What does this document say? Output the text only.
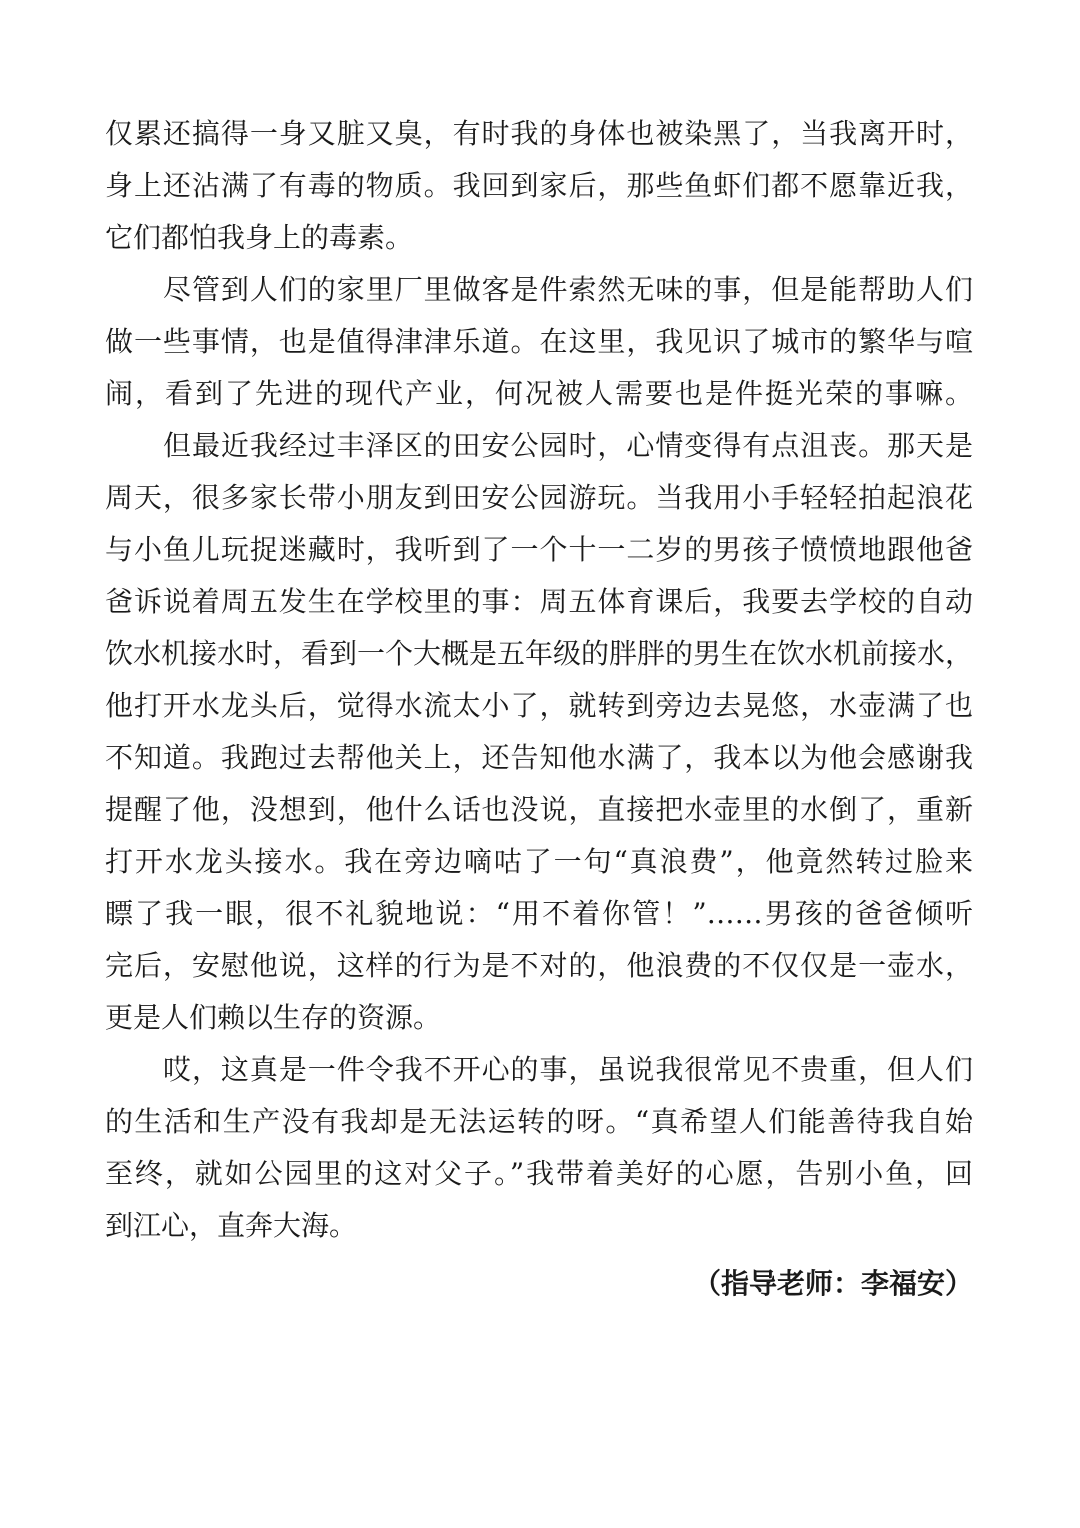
仅累还搞得一身又脏又臭，有时我的身体也被染黑了，当我离开时，
身上还沾满了有毒的物质。我回到家后，那些鱼虾们都不愿靠近我，
它们都怕我身上的毒素。
尽管到人们的家里厂里做客是件索然无味的事，但是能帮助人们
做一些事情，也是值得津津乐道。在这里，我见识了城市的繁华与喧
闹，看到了先进的现代产业，何况被人需要也是件挺光荣的事嘛。
但最近我经过丰泽区的田安公园时，心情变得有点沮丧。那天是
周天，很多家长带小朋友到田安公园游玩。当我用小手轻轻拍起浪花
与小鱼儿玩捉迷藏时，我听到了一个十一二岁的男孩子愤愤地跟他爸
爸诉说着周五发生在学校里的事：周五体育课后，我要去学校的自动
饮水机接水时，看到一个大概是五年级的胖胖的男生在饮水机前接水，
他打开水龙头后，觉得水流太小了，就转到旁边去晃悠，水壶满了也
不知道。我跑过去帮他关上，还告知他水满了，我本以为他会感谢我
提醒了他，没想到，他什么话也没说，直接把水壶里的水倒了，重新
打开水龙头接水。我在旁边嘀咕了一句“真浪费”，他竟然转过脸来
瞟了我一眼，很不礼貌地说：“用不着你管！”……男孩的爸爸倾听
完后，安慰他说，这样的行为是不对的，他浪费的不仅仅是一壶水，
更是人们赖以生存的资源。
哎，这真是一件令我不开心的事，虽说我很常见不贵重，但人们
的生活和生产没有我却是无法运转的呀。“真希望人们能善待我自始
至终，就如公园里的这对父子。”我带着美好的心愿，告别小鱼，回
到江心，直奔大海。
（指导老师：李福安）
